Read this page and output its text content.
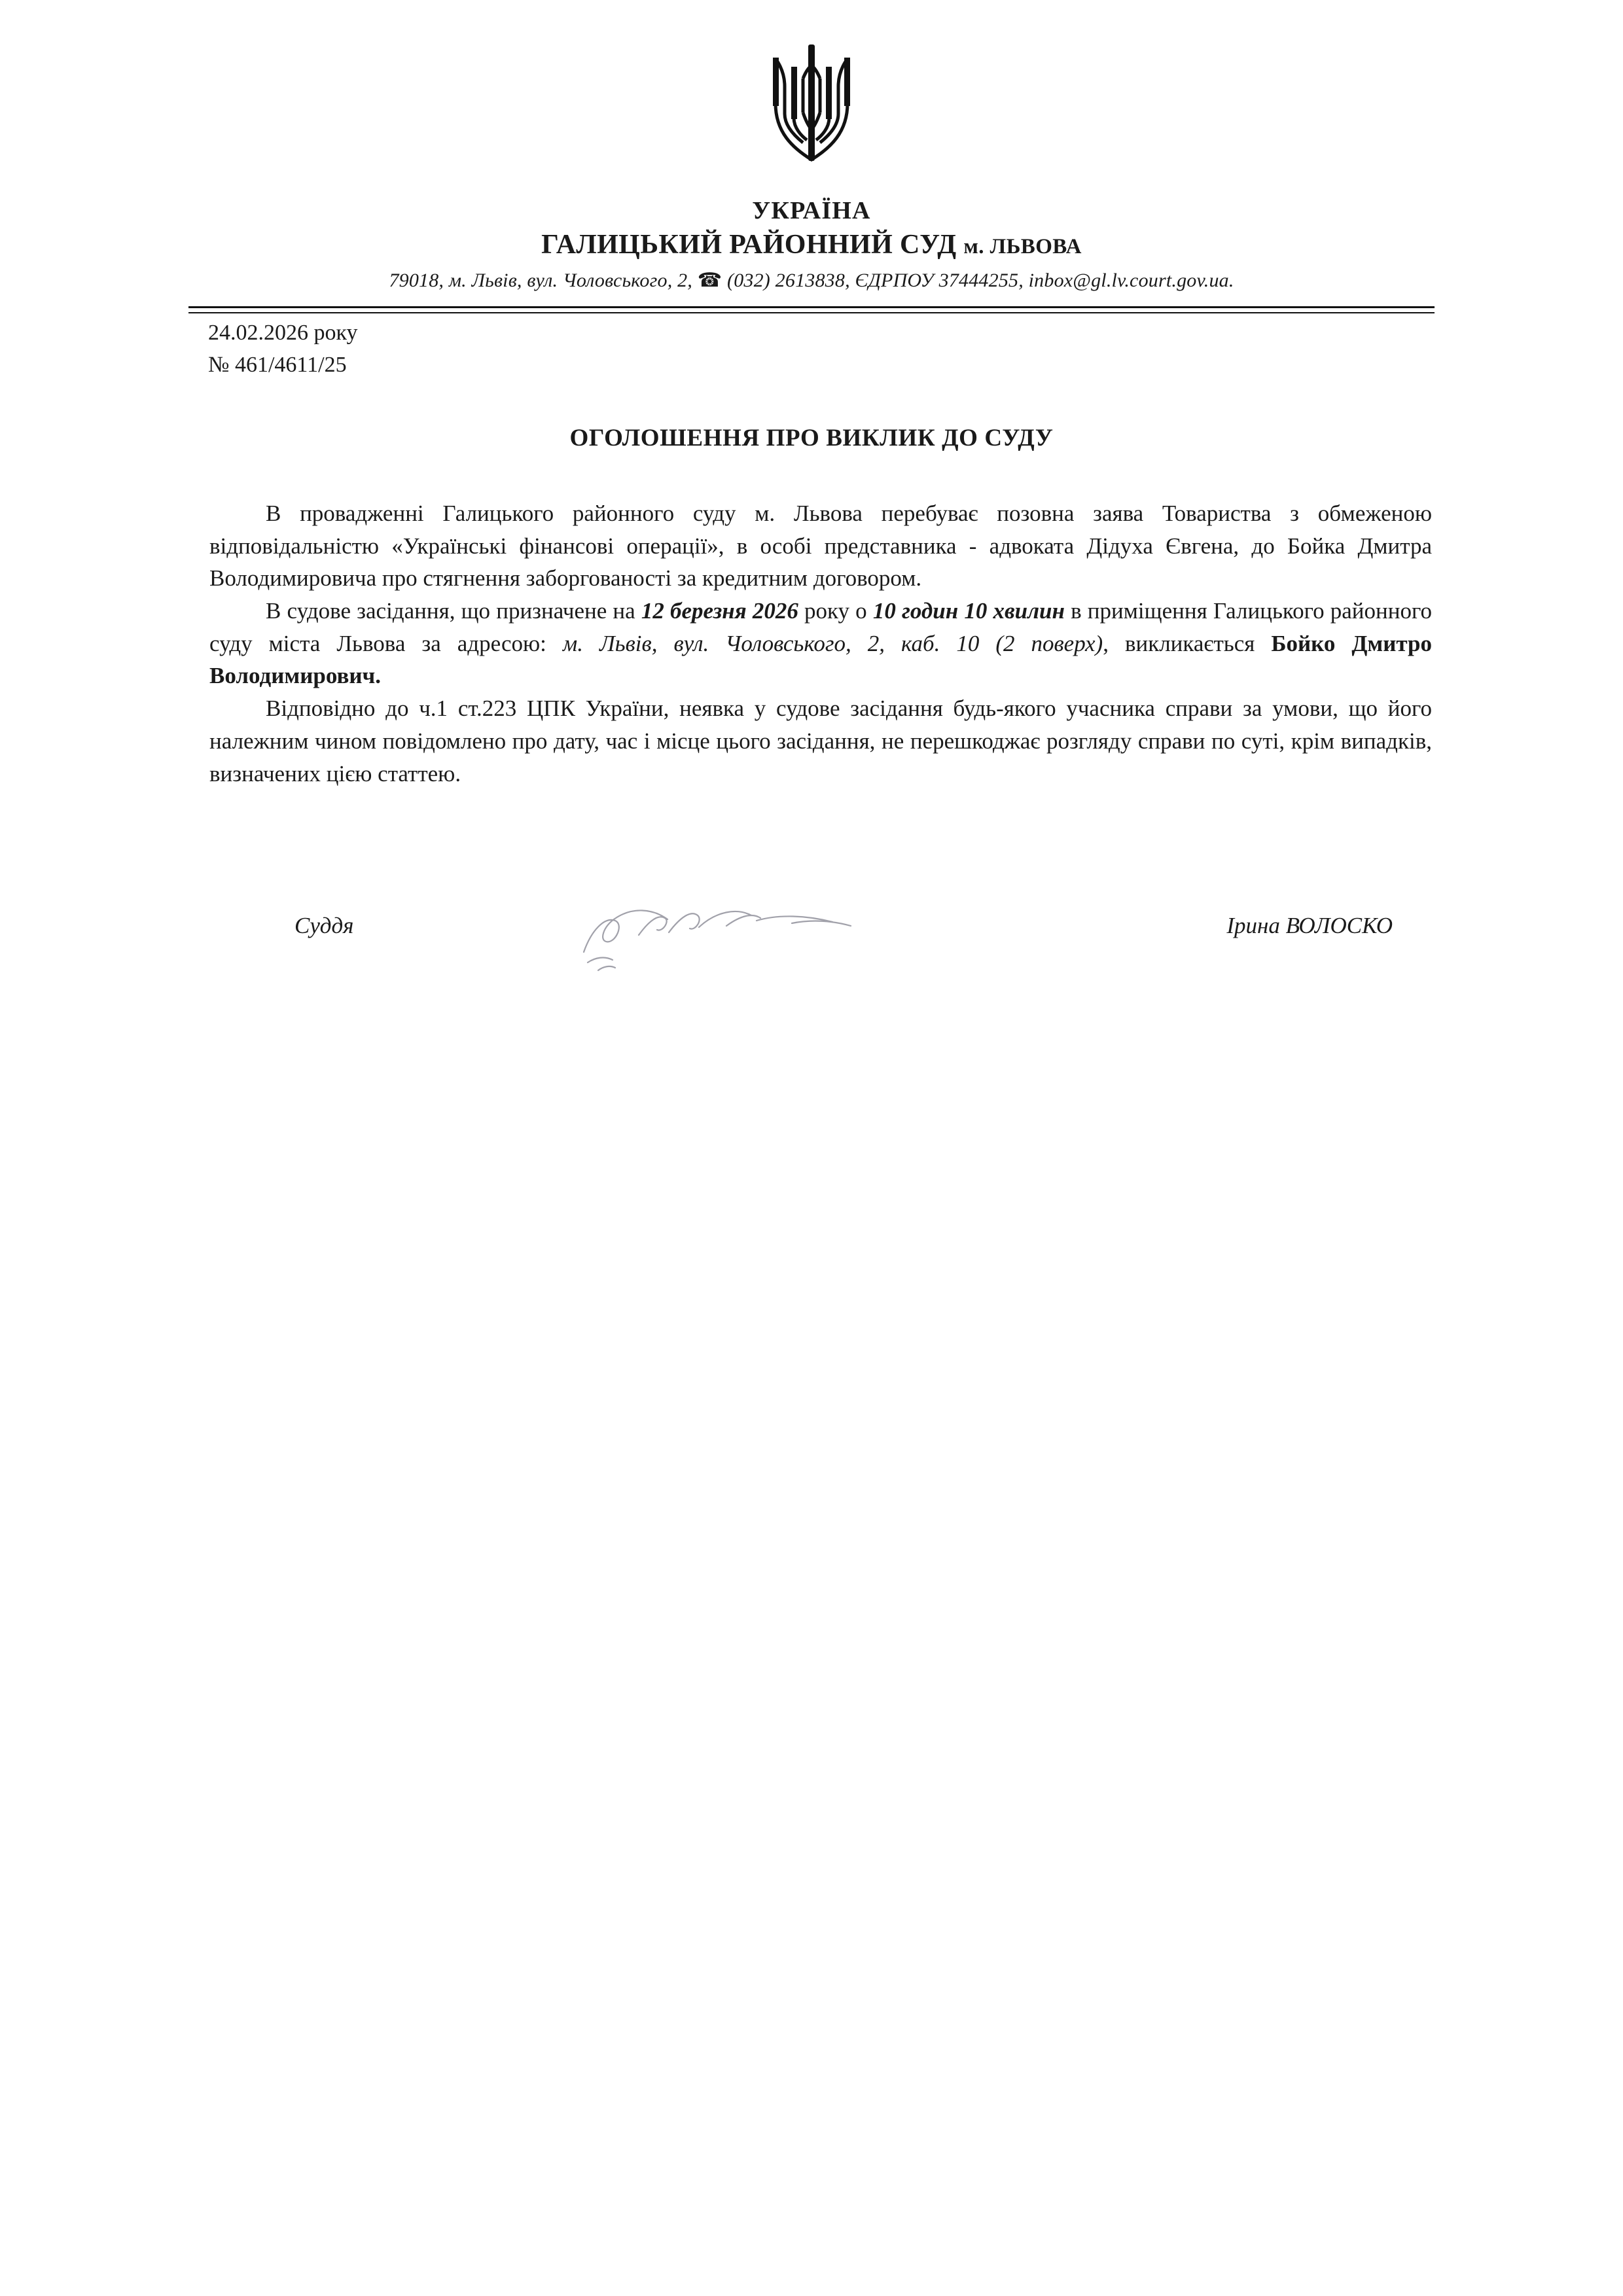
УКРАЇНА
ГАЛИЦЬКИЙ РАЙОННИЙ СУД м. ЛЬВОВА
79018, м. Львів, вул. Чоловського, 2, ☎ (032) 2613838, ЄДРПОУ 37444255, inbox@gl.lv.court.gov.ua.
24.02.2026 року
№ 461/4611/25
ОГОЛОШЕННЯ ПРО ВИКЛИК ДО СУДУ

В провадженні Галицького районного суду м. Львова перебуває позовна заява Товариства з обмеженою відповідальністю «Українські фінансові операції», в особі представника - адвоката Дідуха Євгена, до Бойка Дмитра Володимировича про стягнення заборгованості за кредитним договором.

В судове засідання, що призначене на 12 березня 2026 року о 10 годин 10 хвилин в приміщення Галицького районного суду міста Львова за адресою: м. Львів, вул. Чоловського, 2, каб. 10 (2 поверх), викликається Бойко Дмитро Володимирович.

Відповідно до ч.1 ст.223 ЦПК України, неявка у судове засідання будь-якого учасника справи за умови, що його належним чином повідомлено про дату, час і місце цього засідання, не перешкоджає розгляду справи по суті, крім випадків, визначених цією статтею.

Суддя	Ірина ВОЛОСКО
